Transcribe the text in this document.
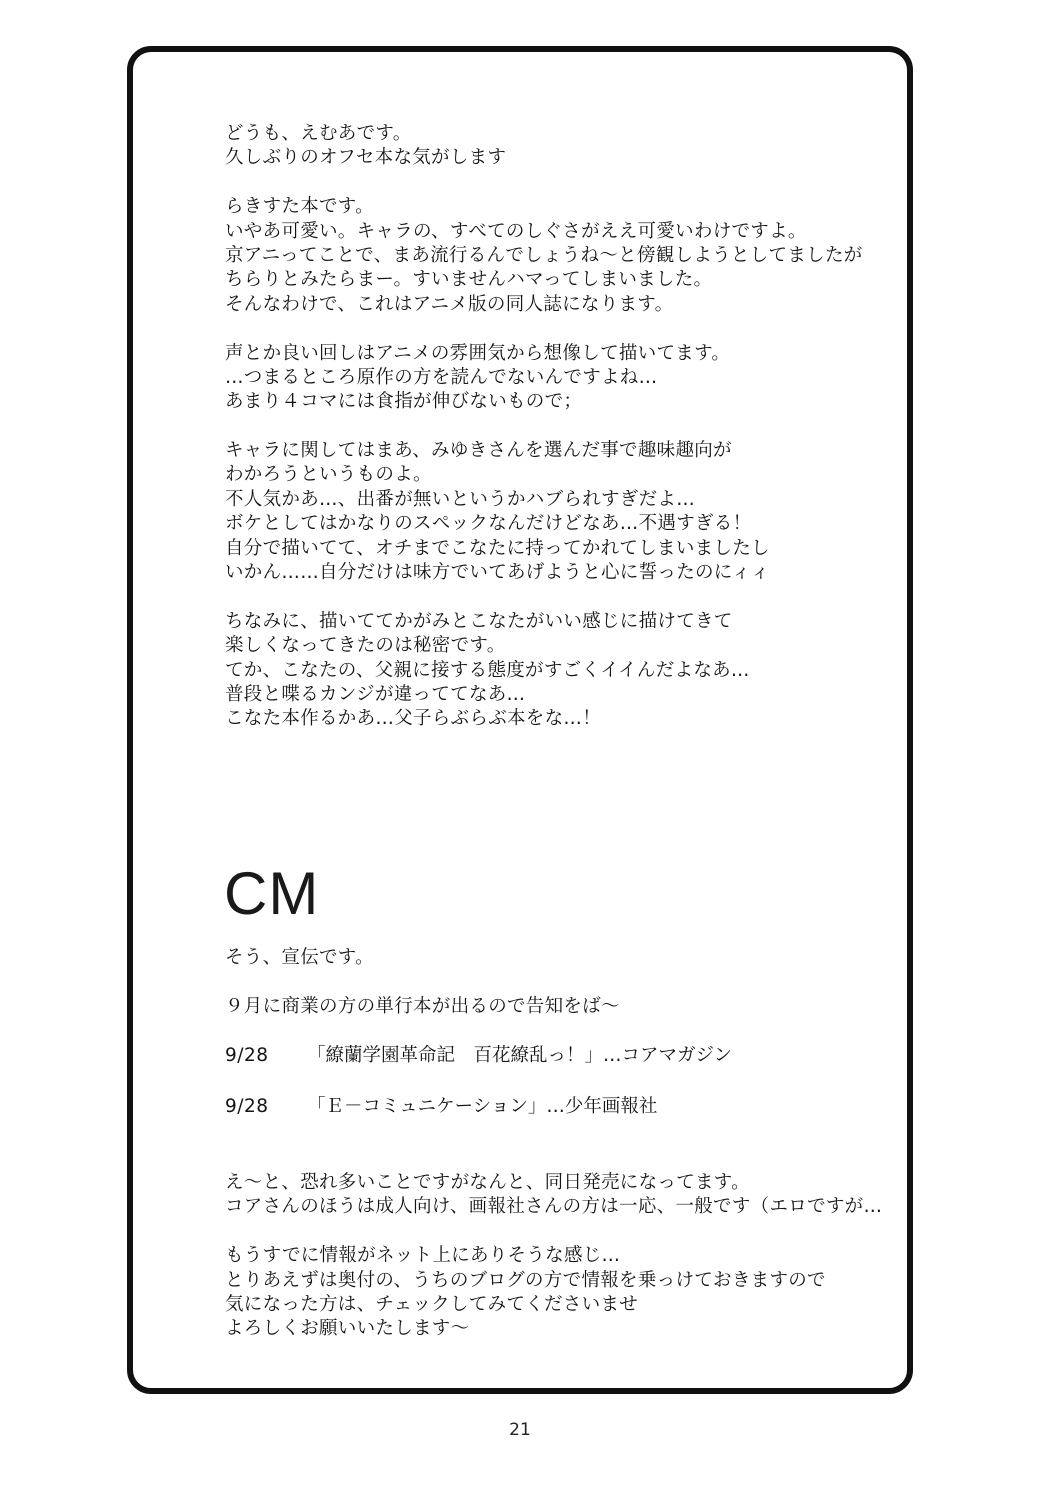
どうも、えむあです。
久しぶりのオフセ本な気がします
らきすた本です。
いやあ可愛い。キャラの、すべてのしぐさがええ可愛いわけですよ。
京アニってことで、まあ流行るんでしょうね～と傍観しようとしてましたが
ちらりとみたらまー。すいませんハマってしまいました。
そんなわけで、これはアニメ版の同人誌になります。
声とか良い回しはアニメの雰囲気から想像して描いてます。
…つまるところ原作の方を読んでないんですよね…
あまり４コマには食指が伸びないもので；
キャラに関してはまあ、みゆきさんを選んだ事で趣味趣向が
わかろうというものよ。
不人気かあ…、出番が無いというかハブられすぎだよ…
ボケとしてはかなりのスペックなんだけどなあ…不遇すぎる！
自分で描いてて、オチまでこなたに持ってかれてしまいましたし
いかん……自分だけは味方でいてあげようと心に誓ったのにィィ
ちなみに、描いててかがみとこなたがいい感じに描けてきて
楽しくなってきたのは秘密です。
てか、こなたの、父親に接する態度がすごくイイんだよなあ…
普段と喋るカンジが違っててなあ…
こなた本作るかあ…父子らぶらぶ本をな…！
CM
そう、宣伝です。
９月に商業の方の単行本が出るので告知をば～
9/28 「繚蘭学園革命記　百花繚乱っ！」…コアマガジン
9/28 「Ｅ－コミュニケーション」…少年画報社
え～と、恐れ多いことですがなんと、同日発売になってます。
コアさんのほうは成人向け、画報社さんの方は一応、一般です（エロですが…
もうすでに情報がネット上にありそうな感じ…
とりあえずは奥付の、うちのブログの方で情報を乗っけておきますので
気になった方は、チェックしてみてくださいませ
よろしくお願いいたします～
21
